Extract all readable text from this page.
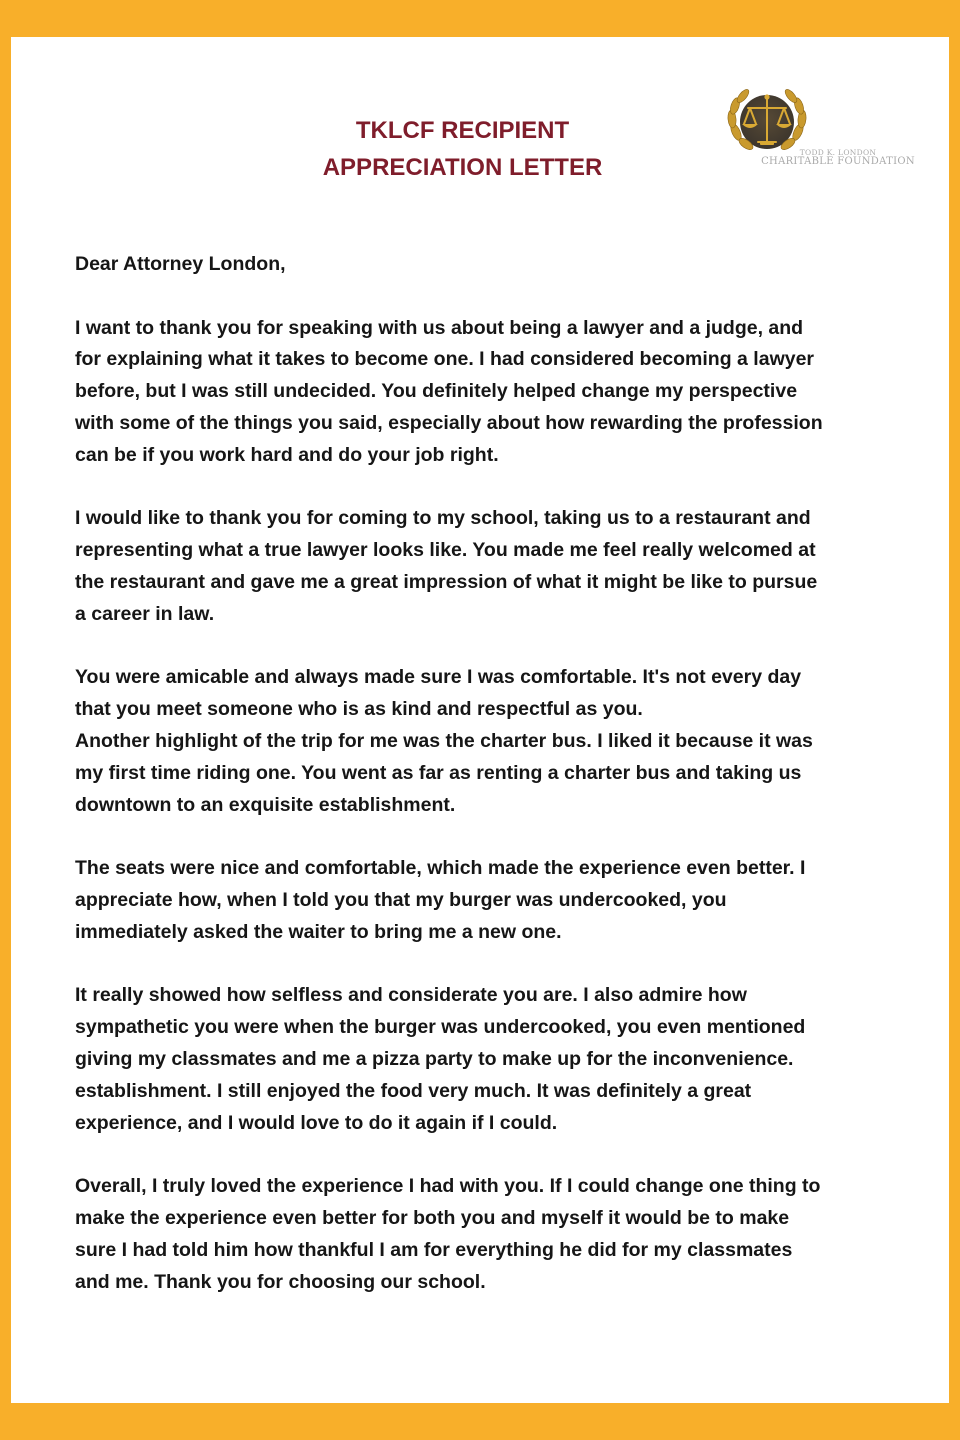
TKLCF RECIPIENT
APPRECIATION LETTER
TODD K. LONDON
CHARITABLE FOUNDATION

Dear Attorney London,

I want to thank you for speaking with us about being a lawyer and a judge, and
for explaining what it takes to become one. I had considered becoming a lawyer
before, but I was still undecided. You definitely helped change my perspective
with some of the things you said, especially about how rewarding the profession
can be if you work hard and do your job right.

I would like to thank you for coming to my school, taking us to a restaurant and
representing what a true lawyer looks like. You made me feel really welcomed at
the restaurant and gave me a great impression of what it might be like to pursue
a career in law.

You were amicable and always made sure I was comfortable. It's not every day
that you meet someone who is as kind and respectful as you.
Another highlight of the trip for me was the charter bus. I liked it because it was
my first time riding one. You went as far as renting a charter bus and taking us
downtown to an exquisite establishment.

The seats were nice and comfortable, which made the experience even better. I
appreciate how, when I told you that my burger was undercooked, you
immediately asked the waiter to bring me a new one.

It really showed how selfless and considerate you are. I also admire how
sympathetic you were when the burger was undercooked, you even mentioned
giving my classmates and me a pizza party to make up for the inconvenience.
establishment. I still enjoyed the food very much. It was definitely a great
experience, and I would love to do it again if I could.

Overall, I truly loved the experience I had with you. If I could change one thing to
make the experience even better for both you and myself it would be to make
sure I had told him how thankful I am for everything he did for my classmates
and me. Thank you for choosing our school.
